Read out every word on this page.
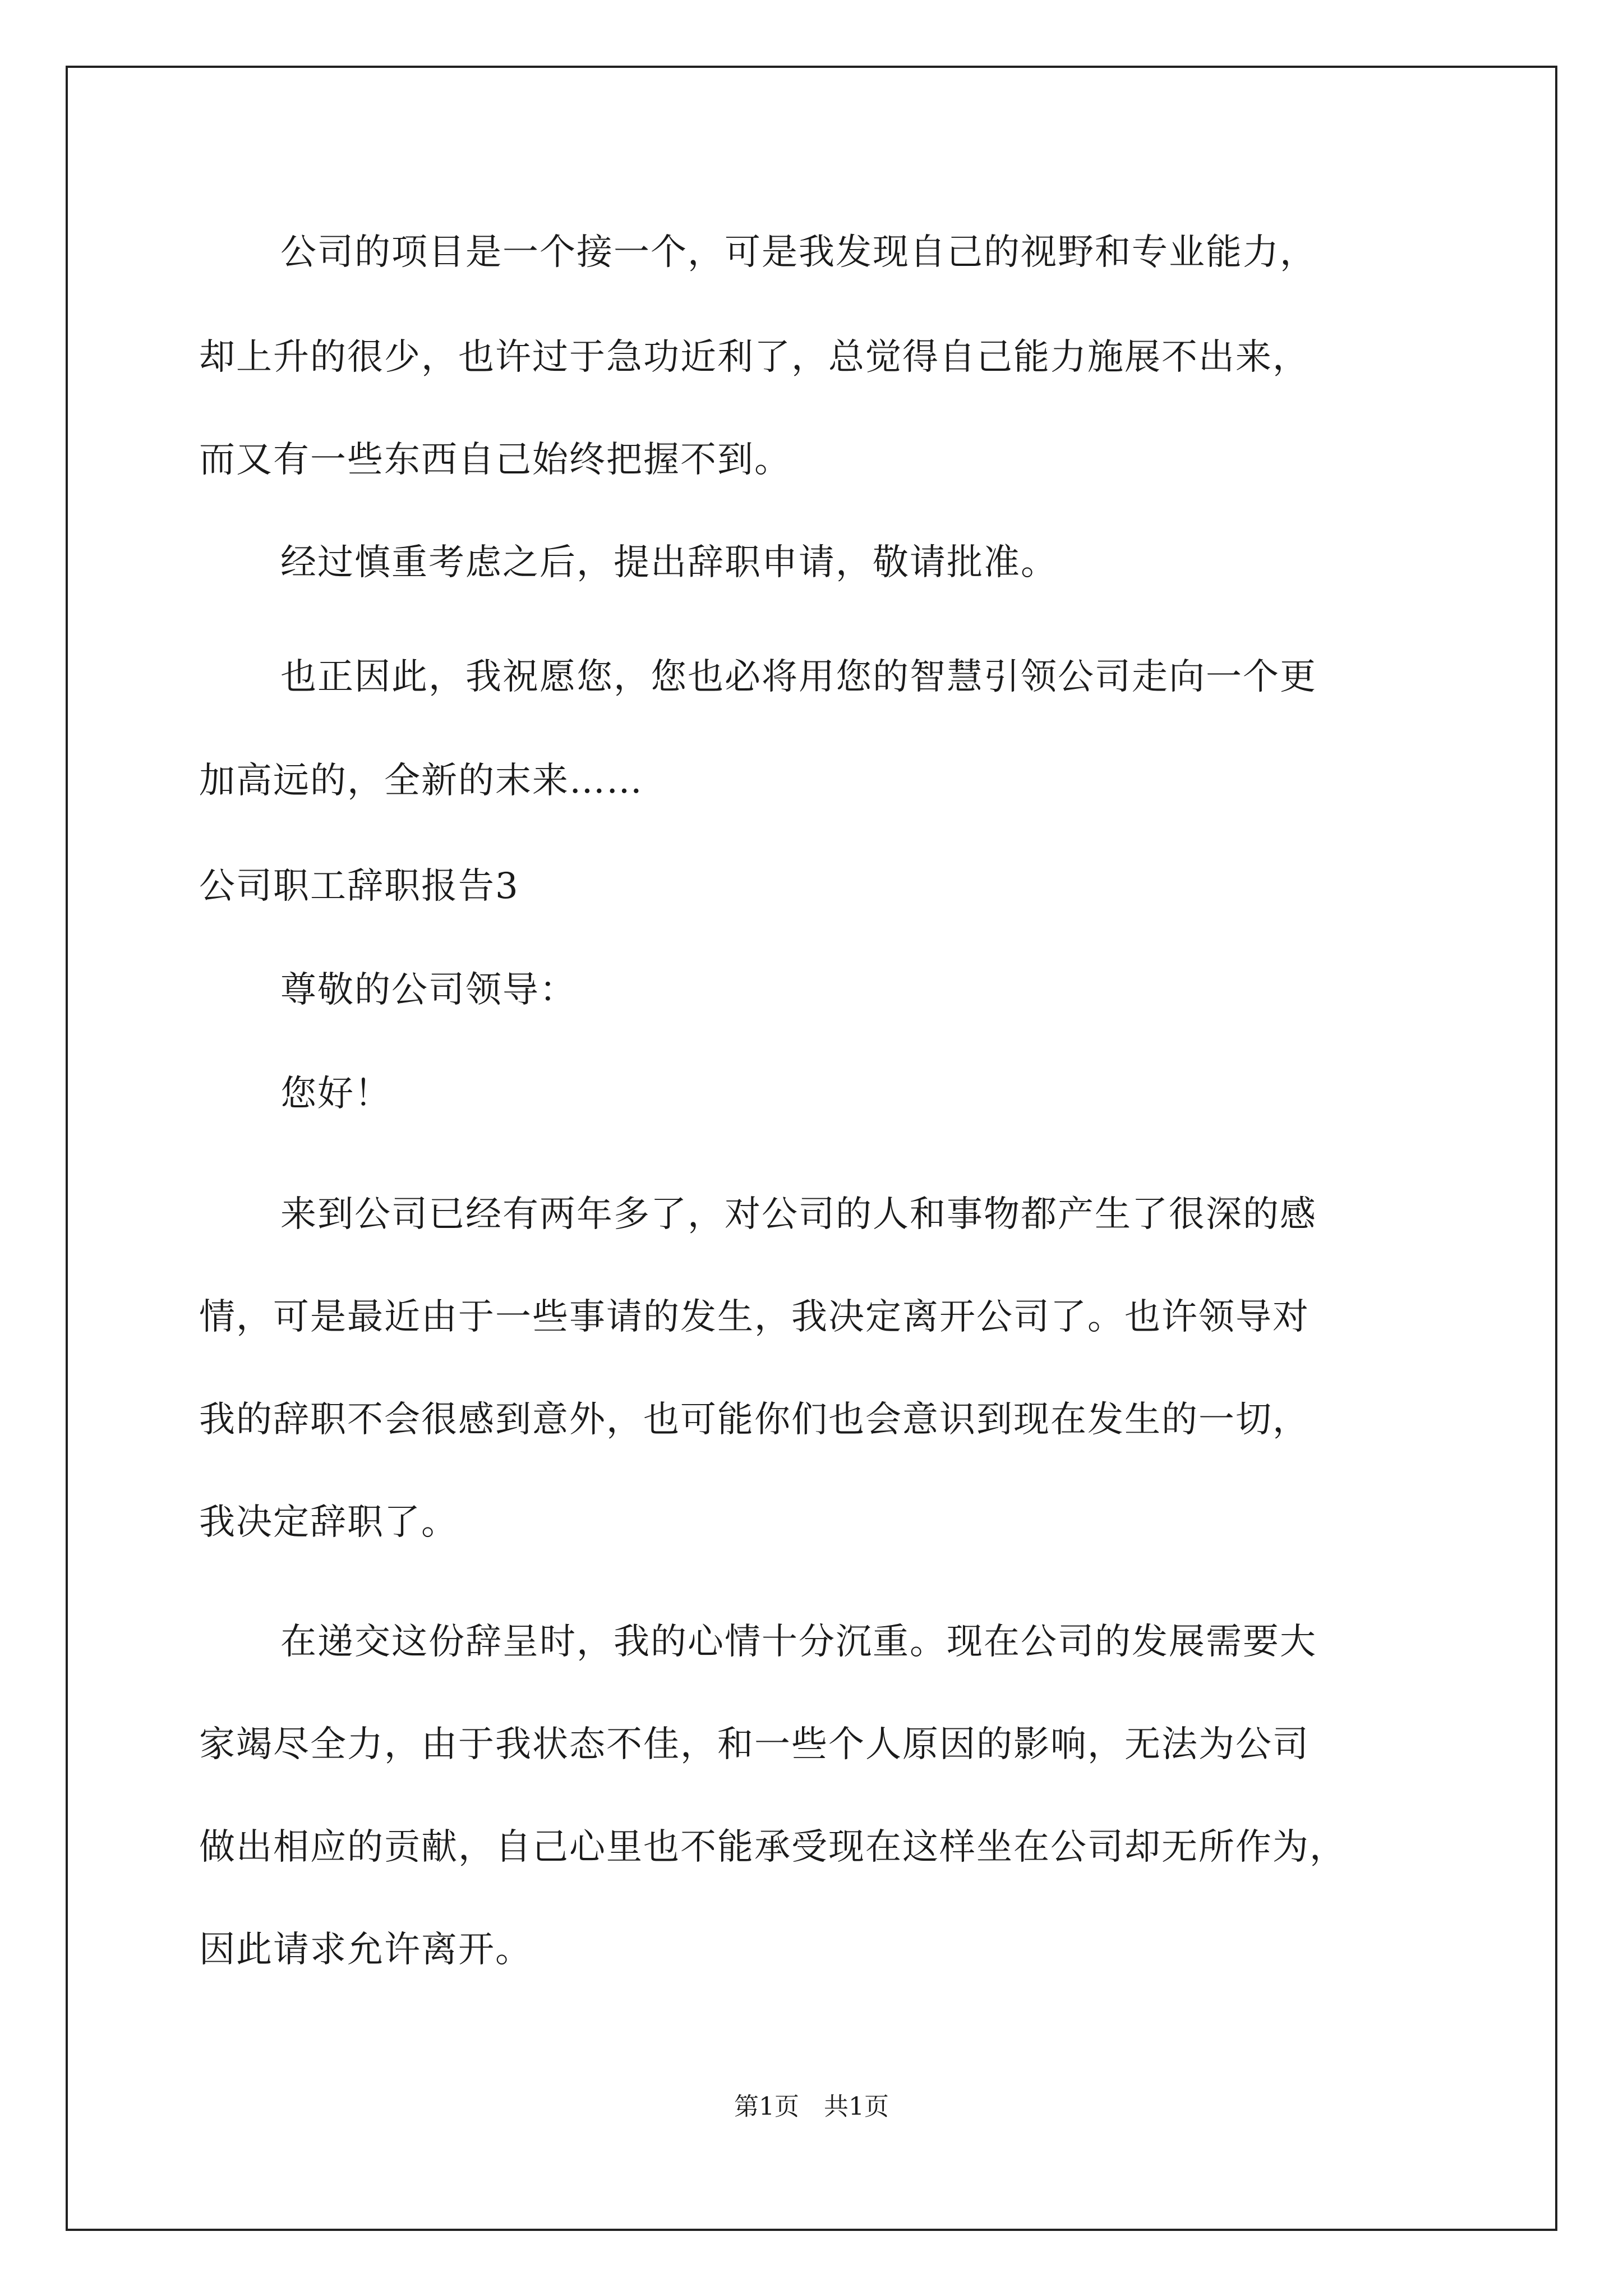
公司的项目是一个接一个，可是我发现自己的视野和专业能力，
却上升的很少，也许过于急功近利了，总觉得自己能力施展不出来，
而又有一些东西自己始终把握不到。
经过慎重考虑之后，提出辞职申请，敬请批准。
也正因此，我祝愿您，您也必将用您的智慧引领公司走向一个更
加高远的，全新的末来……
公司职工辞职报告3
尊敬的公司领导：
您好！
来到公司已经有两年多了，对公司的人和事物都产生了很深的感
情，可是最近由于一些事请的发生，我决定离开公司了。也许领导对
我的辞职不会很感到意外，也可能你们也会意识到现在发生的一切，
我决定辞职了。
在递交这份辞呈时，我的心情十分沉重。现在公司的发展需要大
家竭尽全力，由于我状态不佳，和一些个人原因的影响，无法为公司
做出相应的贡献，自己心里也不能承受现在这样坐在公司却无所作为，
因此请求允许离开。
第1页　共1页
